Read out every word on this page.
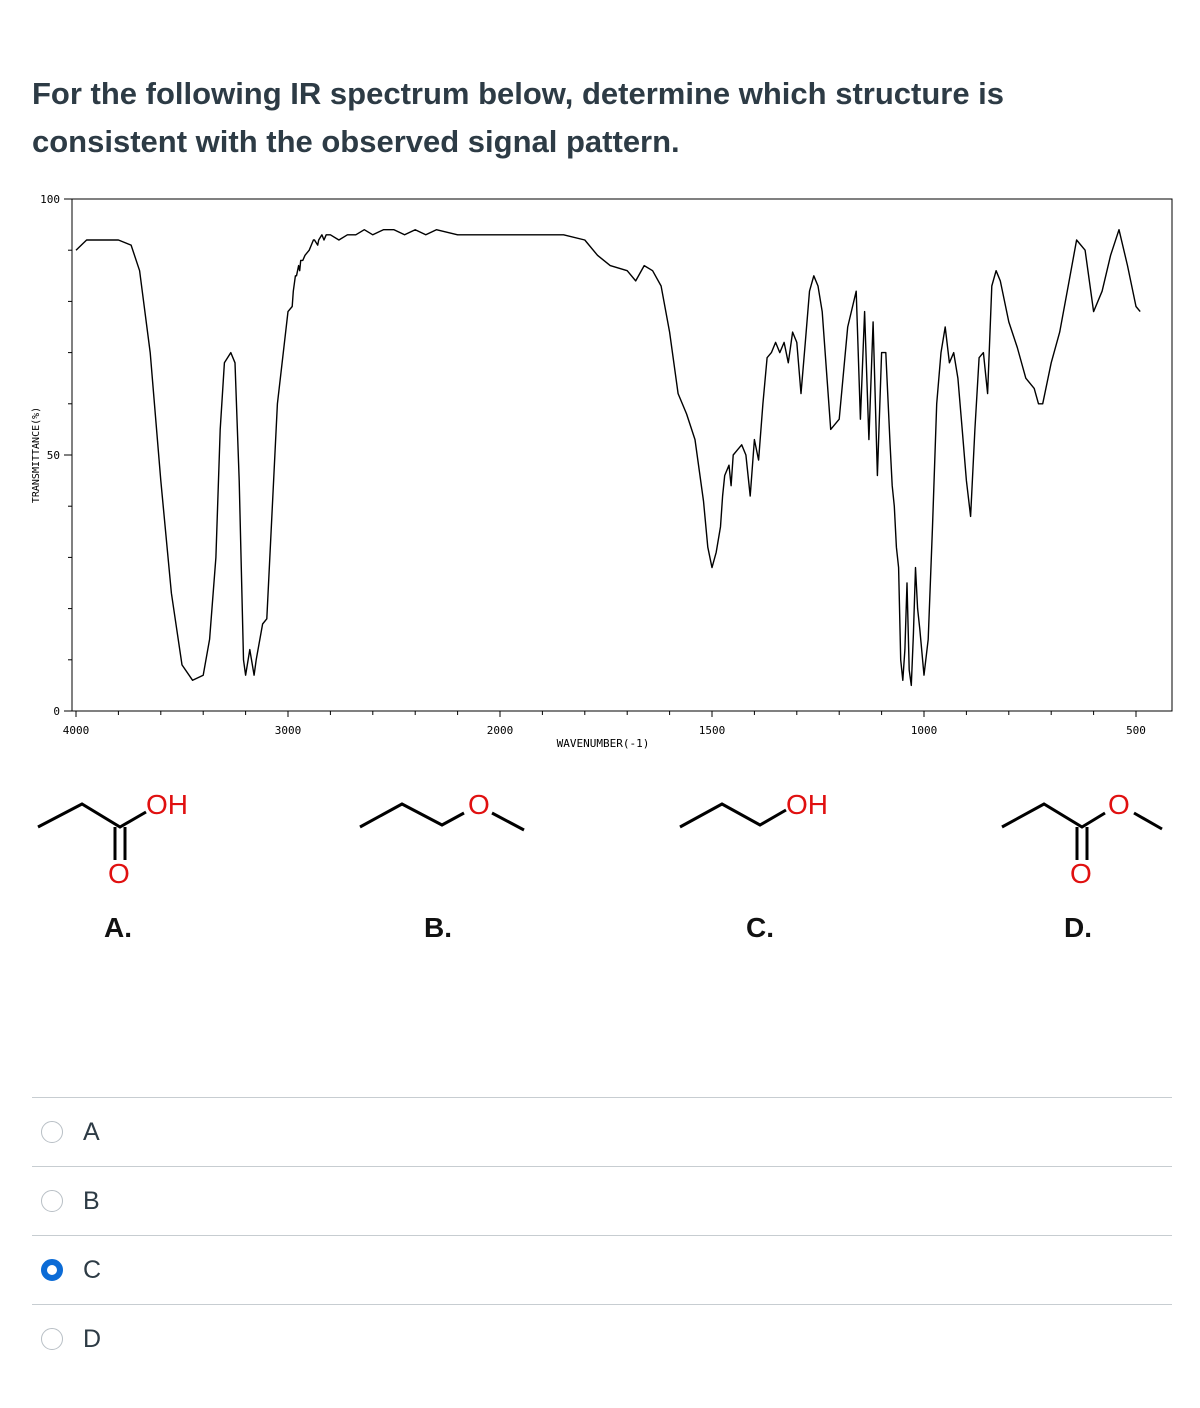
For the following IR spectrum below, determine which structure is consistent with the observed signal pattern.

TRANSMITTANCE(%)
100
50
0
4000	3000	2000	1500	1000	500
WAVENUMBER(-1)
OH
O
A.
O
B.
OH
C.
O
O
D.
A
B
C
D
